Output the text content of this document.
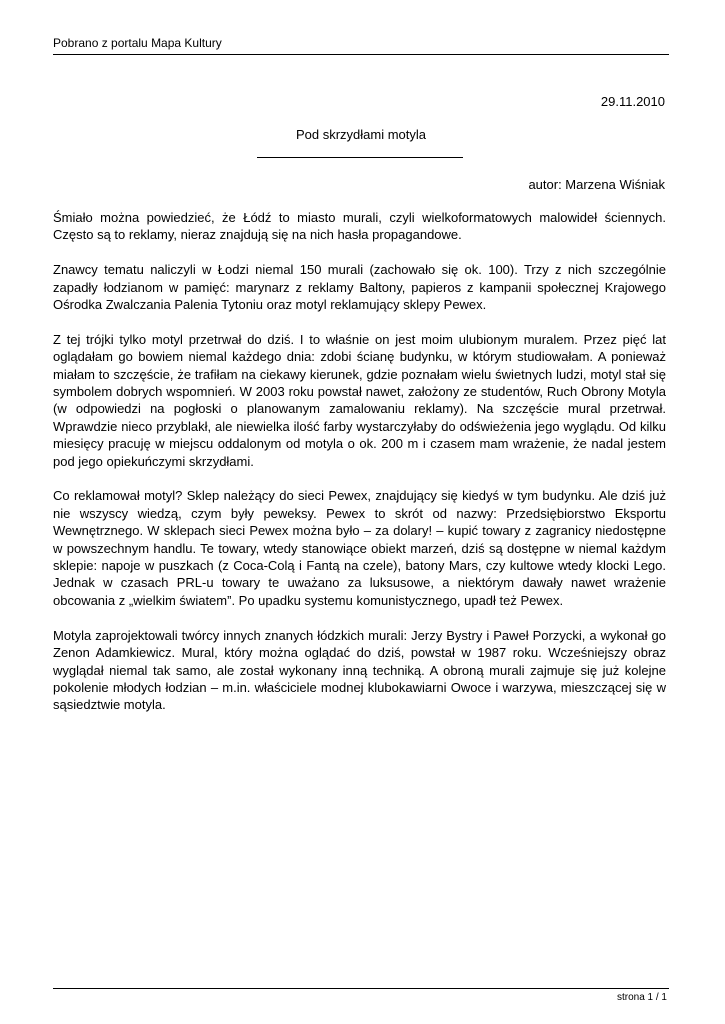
Pobrano z portalu Mapa Kultury
29.11.2010
Pod skrzydłami motyla
autor: Marzena Wiśniak

Śmiało można powiedzieć, że Łódź to miasto murali, czyli wielkoformatowych malowideł ściennych. Często są to reklamy, nieraz znajdują się na nich hasła propagandowe.

Znawcy tematu naliczyli w Łodzi niemal 150 murali (zachowało się ok. 100). Trzy z nich szczególnie zapadły łodzianom w pamięć: marynarz z reklamy Baltony, papieros z kampanii społecznej Krajowego Ośrodka Zwalczania Palenia Tytoniu oraz motyl reklamujący sklepy Pewex.

Z tej trójki tylko motyl przetrwał do dziś. I to właśnie on jest moim ulubionym muralem. Przez pięć lat oglądałam go bowiem niemal każdego dnia: zdobi ścianę budynku, w którym studiowałam. A ponieważ miałam to szczęście, że trafiłam na ciekawy kierunek, gdzie poznałam wielu świetnych ludzi, motyl stał się symbolem dobrych wspomnień. W 2003 roku powstał nawet, założony ze studentów, Ruch Obrony Motyla (w odpowiedzi na pogłoski o planowanym zamalowaniu reklamy). Na szczęście mural przetrwał. Wprawdzie nieco przyblakł, ale niewielka ilość farby wystarczyłaby do odświeżenia jego wyglądu. Od kilku miesięcy pracuję w miejscu oddalonym od motyla o ok. 200 m i czasem mam wrażenie, że nadal jestem pod jego opiekuńczymi skrzydłami.

Co reklamował motyl? Sklep należący do sieci Pewex, znajdujący się kiedyś w tym budynku. Ale dziś już nie wszyscy wiedzą, czym były peweksy. Pewex to skrót od nazwy: Przedsiębiorstwo Eksportu Wewnętrznego. W sklepach sieci Pewex można było – za dolary! – kupić towary z zagranicy niedostępne w powszechnym handlu. Te towary, wtedy stanowiące obiekt marzeń, dziś są dostępne w niemal każdym sklepie: napoje w puszkach (z Coca-Colą i Fantą na czele), batony Mars, czy kultowe wtedy klocki Lego. Jednak w czasach PRL-u towary te uważano za luksusowe, a niektórym dawały nawet wrażenie obcowania z „wielkim światem”. Po upadku systemu komunistycznego, upadł też Pewex.

Motyla zaprojektowali twórcy innych znanych łódzkich murali: Jerzy Bystry i Paweł Porzycki, a wykonał go Zenon Adamkiewicz. Mural, który można oglądać do dziś, powstał w 1987 roku. Wcześniejszy obraz wyglądał niemal tak samo, ale został wykonany inną techniką. A obroną murali zajmuje się już kolejne pokolenie młodych łodzian – m.in. właściciele modnej klubokawiarni Owoce i warzywa, mieszczącej się w sąsiedztwie motyla.

strona 1 / 1
